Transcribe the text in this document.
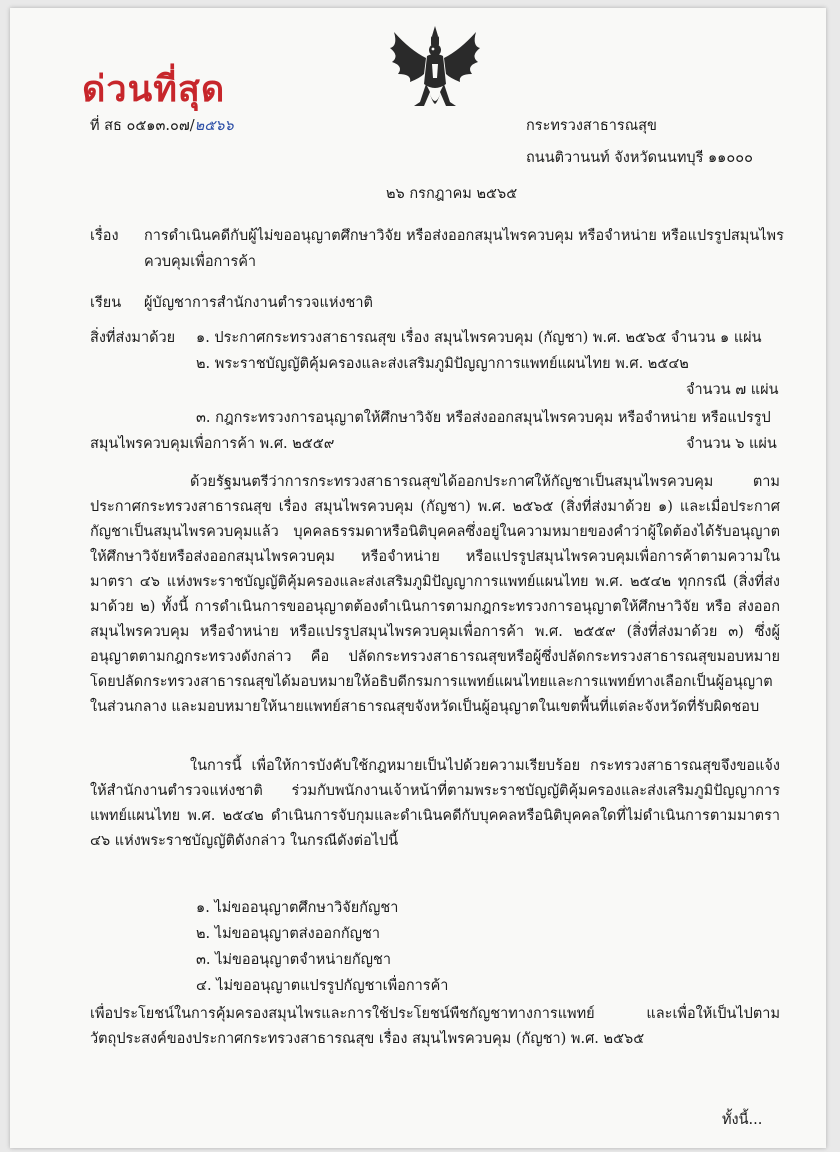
ด่วนที่สุด
ที่ สธ ๐๕๑๓.๐๗/๒๕๖๖	กระทรวงสาธารณสุข
ถนนติวานนท์ จังหวัดนนทบุรี ๑๑๐๐๐
๒๖ กรกฎาคม ๒๕๖๕
เรื่อง การดำเนินคดีกับผู้ไม่ขออนุญาตศึกษาวิจัย หรือส่งออกสมุนไพรควบคุม หรือจำหน่าย หรือแปรรูปสมุนไพร
ควบคุมเพื่อการค้า
เรียน ผู้บัญชาการสำนักงานตำรวจแห่งชาติ
สิ่งที่ส่งมาด้วย ๑. ประกาศกระทรวงสาธารณสุข เรื่อง สมุนไพรควบคุม (กัญชา) พ.ศ. ๒๕๖๕ จำนวน ๑ แผ่น
๒. พระราชบัญญัติคุ้มครองและส่งเสริมภูมิปัญญาการแพทย์แผนไทย พ.ศ. ๒๕๔๒
จำนวน ๗ แผ่น
๓. กฎกระทรวงการอนุญาตให้ศึกษาวิจัย หรือส่งออกสมุนไพรควบคุม หรือจำหน่าย หรือแปรรูป
สมุนไพรควบคุมเพื่อการค้า พ.ศ. ๒๕๕๙	จำนวน ๖ แผ่น
ด้วยรัฐมนตรีว่าการกระทรวงสาธารณสุขได้ออกประกาศให้กัญชาเป็นสมุนไพรควบคุม ตามประกาศกระทรวงสาธารณสุข เรื่อง สมุนไพรควบคุม (กัญชา) พ.ศ. ๒๕๖๕ (สิ่งที่ส่งมาด้วย ๑) และเมื่อประกาศกัญชาเป็นสมุนไพรควบคุมแล้ว บุคคลธรรมดาหรือนิติบุคคลซึ่งอยู่ในความหมายของคำว่าผู้ใดต้องได้รับอนุญาตให้ศึกษาวิจัยหรือส่งออกสมุนไพรควบคุม หรือจำหน่าย หรือแปรรูปสมุนไพรควบคุมเพื่อการค้าตามความในมาตรา ๔๖ แห่งพระราชบัญญัติคุ้มครองและส่งเสริมภูมิปัญญาการแพทย์แผนไทย พ.ศ. ๒๕๔๒ ทุกกรณี (สิ่งที่ส่งมาด้วย ๒) ทั้งนี้ การดำเนินการขออนุญาตต้องดำเนินการตามกฎกระทรวงการอนุญาตให้ศึกษาวิจัย หรือ ส่งออกสมุนไพรควบคุม หรือจำหน่าย หรือแปรรูปสมุนไพรควบคุมเพื่อการค้า พ.ศ. ๒๕๕๙ (สิ่งที่ส่งมาด้วย ๓) ซึ่งผู้อนุญาตตามกฎกระทรวงดังกล่าว คือ ปลัดกระทรวงสาธารณสุขหรือผู้ซึ่งปลัดกระทรวงสาธารณสุขมอบหมาย โดยปลัดกระทรวงสาธารณสุขได้มอบหมายให้อธิบดีกรมการแพทย์แผนไทยและการแพทย์ทางเลือกเป็นผู้อนุญาตในส่วนกลาง และมอบหมายให้นายแพทย์สาธารณสุขจังหวัดเป็นผู้อนุญาตในเขตพื้นที่แต่ละจังหวัดที่รับผิดชอบ
ในการนี้ เพื่อให้การบังคับใช้กฎหมายเป็นไปด้วยความเรียบร้อย กระทรวงสาธารณสุขจึงขอแจ้งให้สำนักงานตำรวจแห่งชาติ ร่วมกับพนักงานเจ้าหน้าที่ตามพระราชบัญญัติคุ้มครองและส่งเสริมภูมิปัญญาการแพทย์แผนไทย พ.ศ. ๒๕๔๒ ดำเนินการจับกุมและดำเนินคดีกับบุคคลหรือนิติบุคคลใดที่ไม่ดำเนินการตามมาตรา ๔๖ แห่งพระราชบัญญัติดังกล่าว ในกรณีดังต่อไปนี้
๑. ไม่ขออนุญาตศึกษาวิจัยกัญชา
๒. ไม่ขออนุญาตส่งออกกัญชา
๓. ไม่ขออนุญาตจำหน่ายกัญชา
๔. ไม่ขออนุญาตแปรรูปกัญชาเพื่อการค้า
เพื่อประโยชน์ในการคุ้มครองสมุนไพรและการใช้ประโยชน์พืชกัญชาทางการแพทย์ และเพื่อให้เป็นไปตามวัตถุประสงค์ของประกาศกระทรวงสาธารณสุข เรื่อง สมุนไพรควบคุม (กัญชา) พ.ศ. ๒๕๖๕
ทั้งนี้...
